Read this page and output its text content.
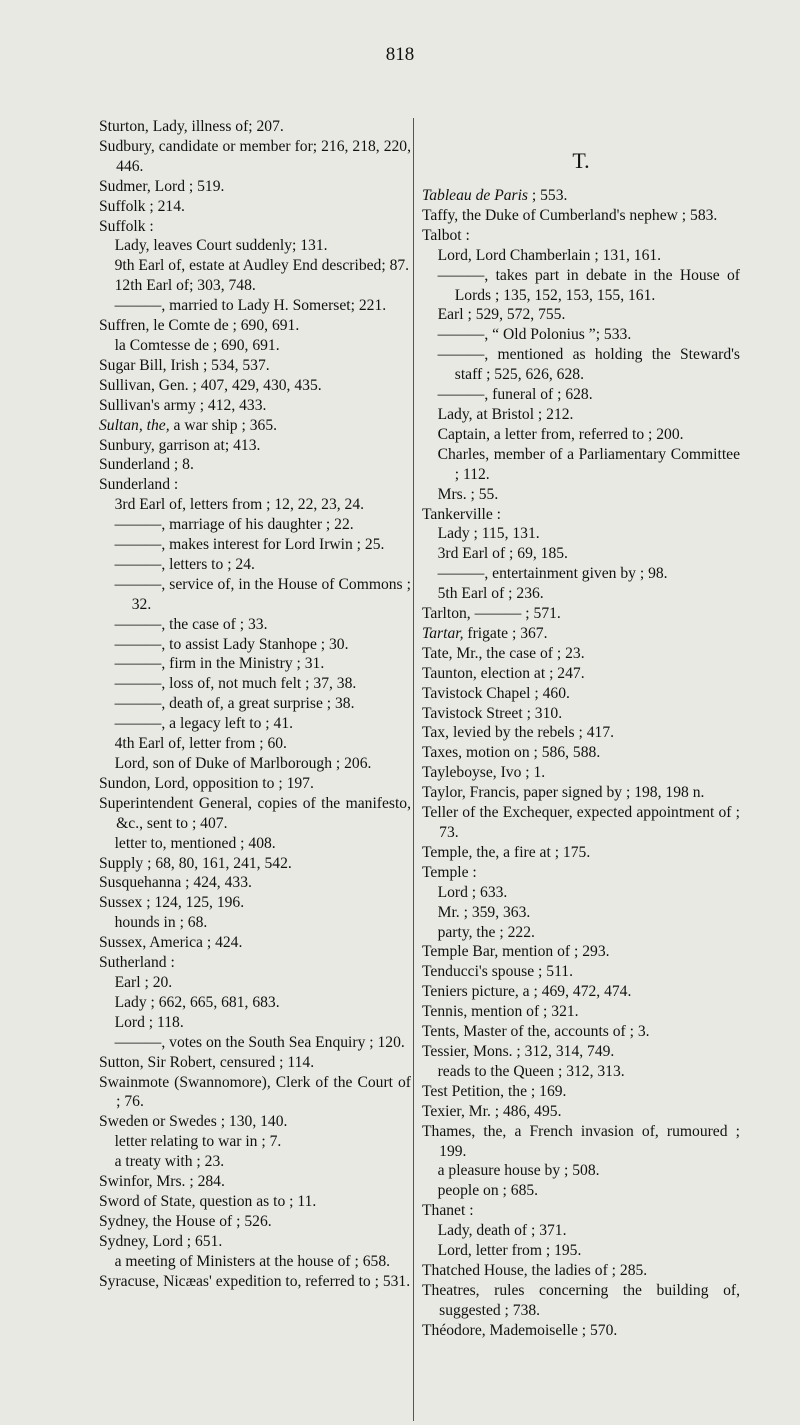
818
Sturton, Lady, illness of; 207.
Sudbury, candidate or member for; 216, 218, 220, 446.
Sudmer, Lord ; 519.
Suffolk ; 214.
Suffolk :
Lady, leaves Court suddenly; 131.
9th Earl of, estate at Audley End described; 87.
12th Earl of; 303, 748.
———, married to Lady H. Somerset; 221.
Suffren, le Comte de ; 690, 691.
la Comtesse de ; 690, 691.
Sugar Bill, Irish ; 534, 537.
Sullivan, Gen. ; 407, 429, 430, 435.
Sullivan's army ; 412, 433.
Sultan, the, a war ship ; 365.
Sunbury, garrison at; 413.
Sunderland ; 8.
Sunderland :
3rd Earl of, letters from ; 12, 22, 23, 24.
———, marriage of his daughter ; 22.
———, makes interest for Lord Irwin ; 25.
———, letters to ; 24.
———, service of, in the House of Commons ; 32.
———, the case of ; 33.
———, to assist Lady Stanhope ; 30.
———, firm in the Ministry ; 31.
———, loss of, not much felt ; 37, 38.
———, death of, a great surprise ; 38.
———, a legacy left to ; 41.
4th Earl of, letter from ; 60.
Lord, son of Duke of Marlborough ; 206.
Sundon, Lord, opposition to ; 197.
Superintendent General, copies of the manifesto, &c., sent to ; 407.
letter to, mentioned ; 408.
Supply ; 68, 80, 161, 241, 542.
Susquehanna ; 424, 433.
Sussex ; 124, 125, 196.
hounds in ; 68.
Sussex, America ; 424.
Sutherland :
Earl ; 20.
Lady ; 662, 665, 681, 683.
Lord ; 118.
———, votes on the South Sea Enquiry ; 120.
Sutton, Sir Robert, censured ; 114.
Swainmote (Swannomore), Clerk of the Court of ; 76.
Sweden or Swedes ; 130, 140.
letter relating to war in ; 7.
a treaty with ; 23.
Swinfor, Mrs. ; 284.
Sword of State, question as to ; 11.
Sydney, the House of ; 526.
Sydney, Lord ; 651.
a meeting of Ministers at the house of ; 658.
Syracuse, Nicæas' expedition to, referred to ; 531.
T.
Tableau de Paris ; 553.
Taffy, the Duke of Cumberland's nephew ; 583.
Talbot :
Lord, Lord Chamberlain ; 131, 161.
———, takes part in debate in the House of Lords ; 135, 152, 153, 155, 161.
Earl ; 529, 572, 755.
———, “ Old Polonius ”; 533.
———, mentioned as holding the Steward's staff ; 525, 626, 628.
———, funeral of ; 628.
Lady, at Bristol ; 212.
Captain, a letter from, referred to ; 200.
Charles, member of a Parliamentary Committee ; 112.
Mrs. ; 55.
Tankerville :
Lady ; 115, 131.
3rd Earl of ; 69, 185.
———, entertainment given by ; 98.
5th Earl of ; 236.
Tarlton, ——— ; 571.
Tartar, frigate ; 367.
Tate, Mr., the case of ; 23.
Taunton, election at ; 247.
Tavistock Chapel ; 460.
Tavistock Street ; 310.
Tax, levied by the rebels ; 417.
Taxes, motion on ; 586, 588.
Tayleboyse, Ivo ; 1.
Taylor, Francis, paper signed by ; 198, 198 n.
Teller of the Exchequer, expected appointment of ; 73.
Temple, the, a fire at ; 175.
Temple :
Lord ; 633.
Mr. ; 359, 363.
party, the ; 222.
Temple Bar, mention of ; 293.
Tenducci's spouse ; 511.
Teniers picture, a ; 469, 472, 474.
Tennis, mention of ; 321.
Tents, Master of the, accounts of ; 3.
Tessier, Mons. ; 312, 314, 749.
reads to the Queen ; 312, 313.
Test Petition, the ; 169.
Texier, Mr. ; 486, 495.
Thames, the, a French invasion of, rumoured ; 199.
a pleasure house by ; 508.
people on ; 685.
Thanet :
Lady, death of ; 371.
Lord, letter from ; 195.
Thatched House, the ladies of ; 285.
Theatres, rules concerning the building of, suggested ; 738.
Théodore, Mademoiselle ; 570.
